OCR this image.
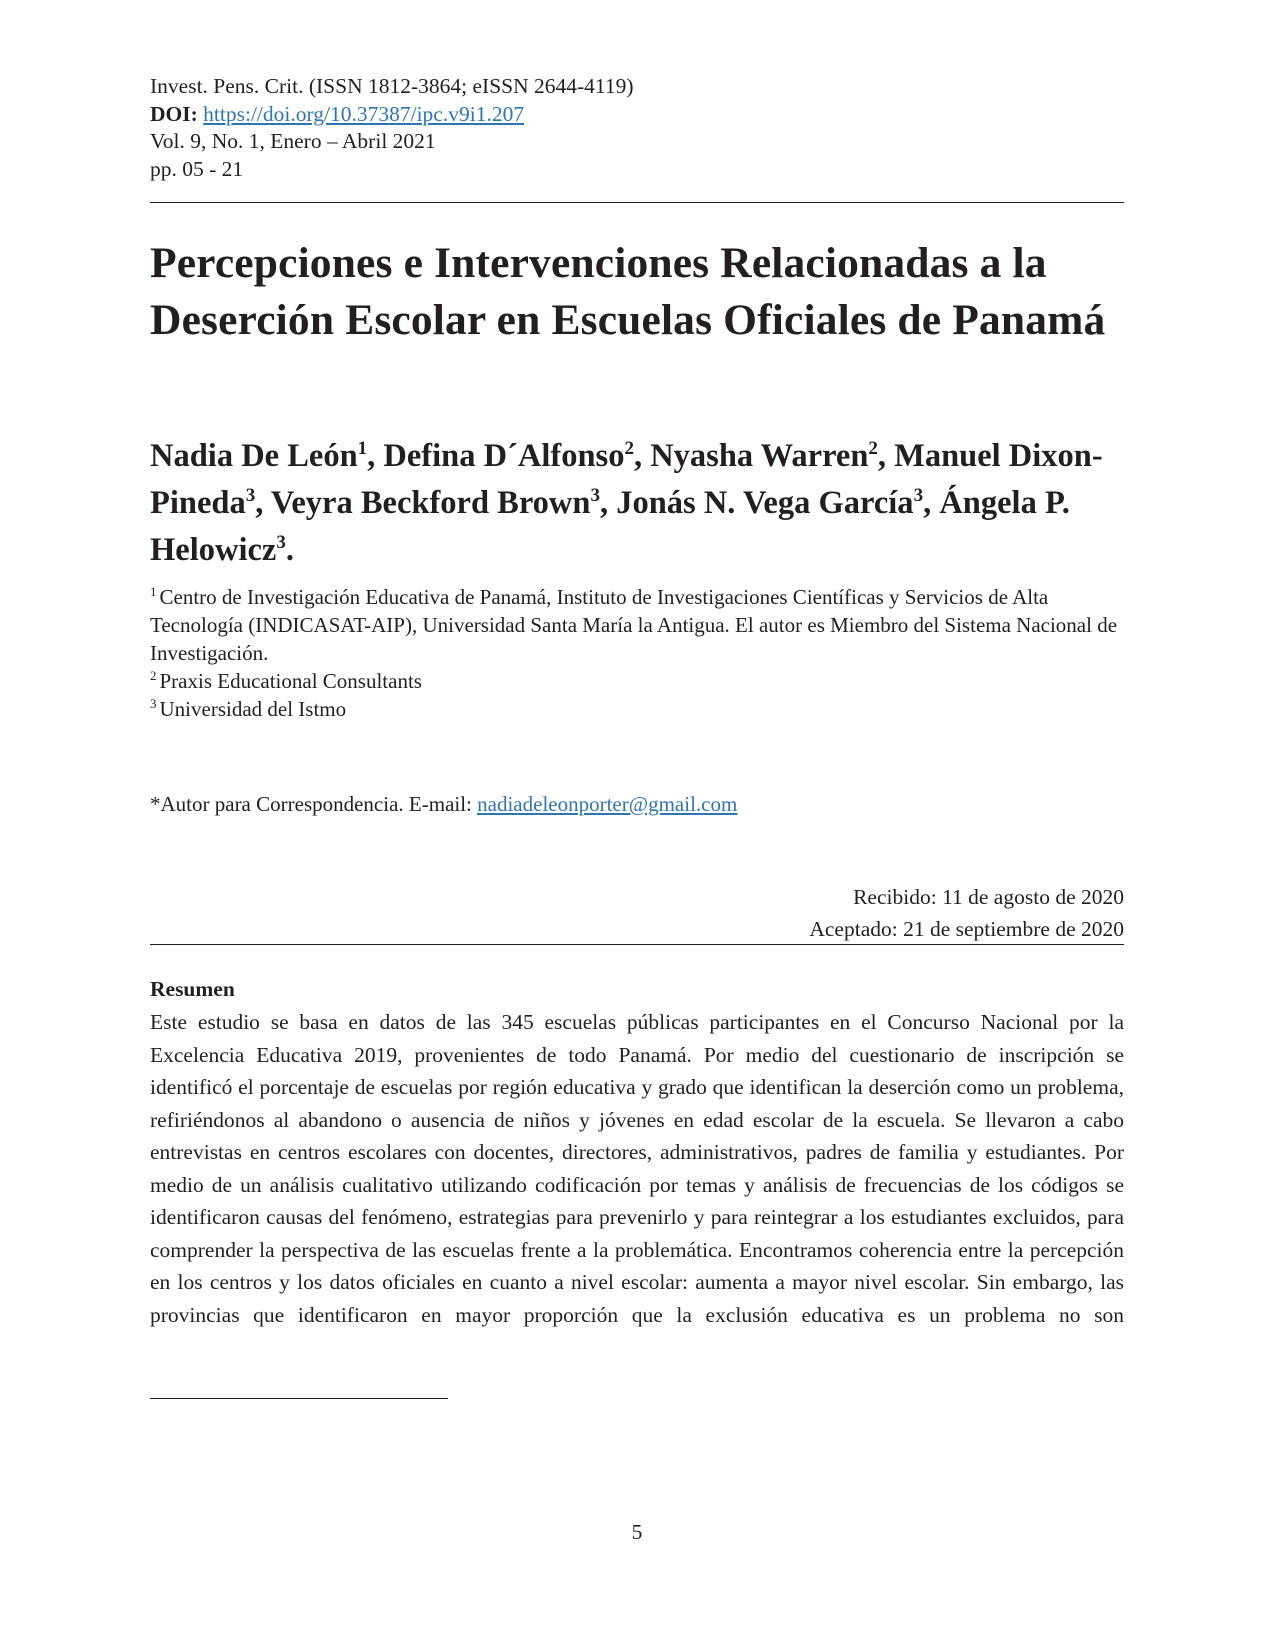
Invest. Pens. Crit. (ISSN 1812-3864; eISSN 2644-4119)
DOI: https://doi.org/10.37387/ipc.v9i1.207
Vol. 9, No. 1, Enero – Abril 2021
pp. 05 - 21
Percepciones e Intervenciones Relacionadas a la Deserción Escolar en Escuelas Oficiales de Panamá

Nadia De León$^1$, Defina D´Alfonso$^2$, Nyasha Warren$^2$, Manuel Dixon-Pineda$^3$, Veyra Beckford Brown$^3$, Jonás N. Vega García$^3$, Ángela P. Helowicz$^3$.

$^1$ Centro de Investigación Educativa de Panamá, Instituto de Investigaciones Científicas y Servicios de Alta Tecnología (INDICASAT-AIP), Universidad Santa María la Antigua. El autor es Miembro del Sistema Nacional de Investigación.

$^2$ Praxis Educational Consultants

$^3$ Universidad del Istmo

*Autor para Correspondencia. E-mail: nadiadeleonporter@gmail.com
Recibido: 11 de agosto de 2020
Aceptado: 21 de septiembre de 2020

Resumen

Este estudio se basa en datos de las 345 escuelas públicas participantes en el Concurso Nacional por la Excelencia Educativa 2019, provenientes de todo Panamá. Por medio del cuestionario de inscripción se identificó el porcentaje de escuelas por región educativa y grado que identifican la deserción como un problema, refiriéndonos al abandono o ausencia de niños y jóvenes en edad escolar de la escuela. Se llevaron a cabo entrevistas en centros escolares con docentes, directores, administrativos, padres de familia y estudiantes. Por medio de un análisis cualitativo utilizando codificación por temas y análisis de frecuencias de los códigos se identificaron causas del fenómeno, estrategias para prevenirlo y para reintegrar a los estudiantes excluidos, para comprender la perspectiva de las escuelas frente a la problemática. Encontramos coherencia entre la percepción en los centros y los datos oficiales en cuanto a nivel escolar: aumenta a mayor nivel escolar. Sin embargo, las provincias que identificaron en mayor proporción que la exclusión educativa es un problema no son

5
